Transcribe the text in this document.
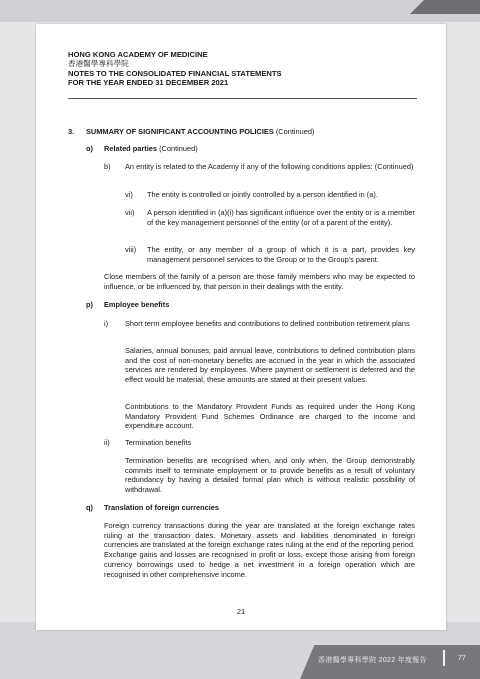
香港醫學專科學院 2022 年度報告	77
HONG KONG ACADEMY OF MEDICINE
香港醫學專科學院
NOTES TO THE CONSOLIDATED FINANCIAL STATEMENTS
FOR THE YEAR ENDED 31 DECEMBER 2021
3. SUMMARY OF SIGNIFICANT ACCOUNTING POLICIES (Continued)
o) Related parties (Continued)
b) An entity is related to the Academy if any of the following conditions applies: (Continued)
vi) The entity is controlled or jointly controlled by a person identified in (a).
vii) A person identified in (a)(i) has significant influence over the entity or is a member of the key management personnel of the entity (or of a parent of the entity).
viii) The entity, or any member of a group of which it is a part, provides key management personnel services to the Group or to the Group's parent.
Close members of the family of a person are those family members who may be expected to influence, or be influenced by, that person in their dealings with the entity.
p) Employee benefits
i) Short term employee benefits and contributions to defined contribution retirement plans
Salaries, annual bonuses, paid annual leave, contributions to defined contribution plans and the cost of non-monetary benefits are accrued in the year in which the associated services are rendered by employees. Where payment or settlement is deferred and the effect would be material, these amounts are stated at their present values.
Contributions to the Mandatory Provident Funds as required under the Hong Kong Mandatory Provident Fund Schemes Ordinance are charged to the income and expenditure account.
ii) Termination benefits
Termination benefits are recognised when, and only when, the Group demonstrably commits itself to terminate employment or to provide benefits as a result of voluntary redundancy by having a detailed formal plan which is without realistic possibility of withdrawal.
q) Translation of foreign currencies
Foreign currency transactions during the year are translated at the foreign exchange rates ruling at the transaction dates. Monetary assets and liabilities denominated in foreign currencies are translated at the foreign exchange rates ruling at the end of the reporting period. Exchange gains and losses are recognised in profit or loss, except those arising from foreign currency borrowings used to hedge a net investment in a foreign operation which are recognised in other comprehensive income.
21
